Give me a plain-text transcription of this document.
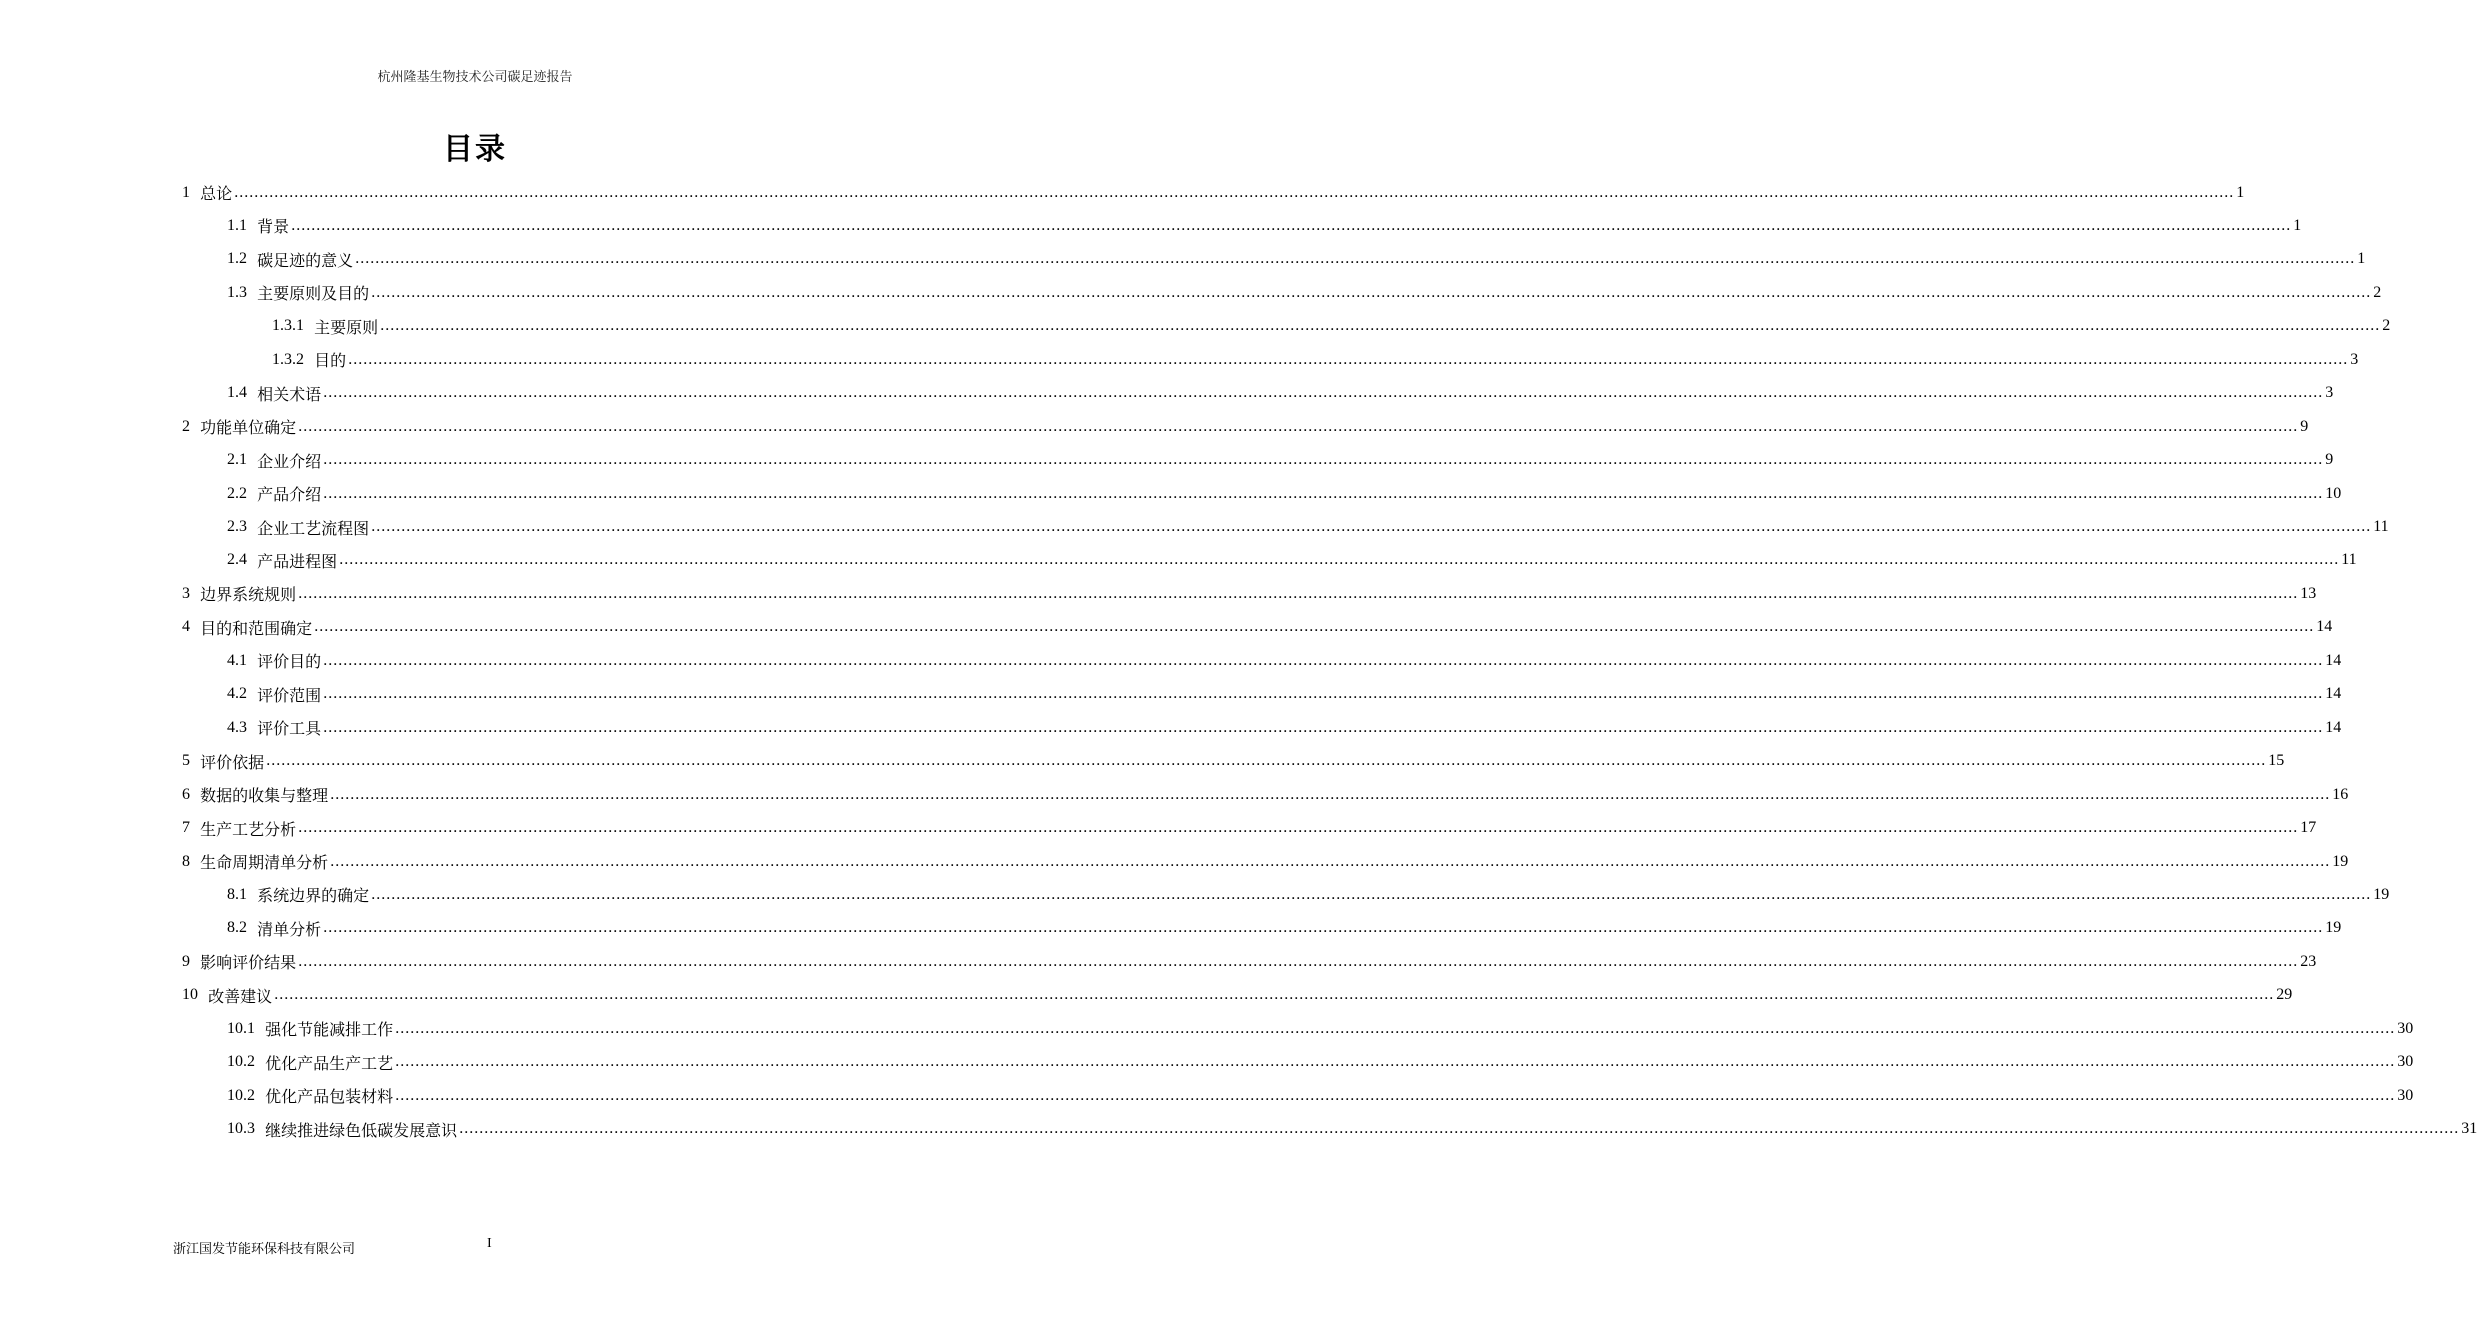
杭州隆基生物技术公司碳足迹报告
目录
1
总论 ................................................................................................................................................................................................................................................................................................................................................................................................................ 1
1.1
背景 ................................................................................................................................................................................................................................................................................................................................................................................................................ 1
1.2
碳足迹的意义 ................................................................................................................................................................................................................................................................................................................................................................................................................ 1
1.3
主要原则及目的 ................................................................................................................................................................................................................................................................................................................................................................................................................ 2
1.3.1
主要原则 ................................................................................................................................................................................................................................................................................................................................................................................................................ 2
1.3.2
目的 ................................................................................................................................................................................................................................................................................................................................................................................................................ 3
1.4
相关术语 ................................................................................................................................................................................................................................................................................................................................................................................................................ 3
2
功能单位确定 ................................................................................................................................................................................................................................................................................................................................................................................................................ 9
2.1
企业介绍 ................................................................................................................................................................................................................................................................................................................................................................................................................ 9
2.2
产品介绍 ................................................................................................................................................................................................................................................................................................................................................................................................................ 10
2.3
企业工艺流程图 ................................................................................................................................................................................................................................................................................................................................................................................................................ 11
2.4
产品进程图 ................................................................................................................................................................................................................................................................................................................................................................................................................ 11
3
边界系统规则 ................................................................................................................................................................................................................................................................................................................................................................................................................ 13
4
目的和范围确定 ................................................................................................................................................................................................................................................................................................................................................................................................................ 14
4.1
评价目的 ................................................................................................................................................................................................................................................................................................................................................................................................................ 14
4.2
评价范围 ................................................................................................................................................................................................................................................................................................................................................................................................................ 14
4.3
评价工具 ................................................................................................................................................................................................................................................................................................................................................................................................................ 14
5
评价依据 ................................................................................................................................................................................................................................................................................................................................................................................................................ 15
6
数据的收集与整理 ................................................................................................................................................................................................................................................................................................................................................................................................................ 16
7
生产工艺分析 ................................................................................................................................................................................................................................................................................................................................................................................................................ 17
8
生命周期清单分析 ................................................................................................................................................................................................................................................................................................................................................................................................................ 19
8.1
系统边界的确定 ................................................................................................................................................................................................................................................................................................................................................................................................................ 19
8.2
清单分析 ................................................................................................................................................................................................................................................................................................................................................................................................................ 19
9
影响评价结果 ................................................................................................................................................................................................................................................................................................................................................................................................................ 23
10
改善建议 ................................................................................................................................................................................................................................................................................................................................................................................................................ 29
10.1
强化节能减排工作 ................................................................................................................................................................................................................................................................................................................................................................................................................ 30
10.2
优化产品生产工艺 ................................................................................................................................................................................................................................................................................................................................................................................................................ 30
10.2
优化产品包装材料 ................................................................................................................................................................................................................................................................................................................................................................................................................ 30
10.3
继续推进绿色低碳发展意识 ................................................................................................................................................................................................................................................................................................................................................................................................................ 31
浙江国发节能环保科技有限公司	I
